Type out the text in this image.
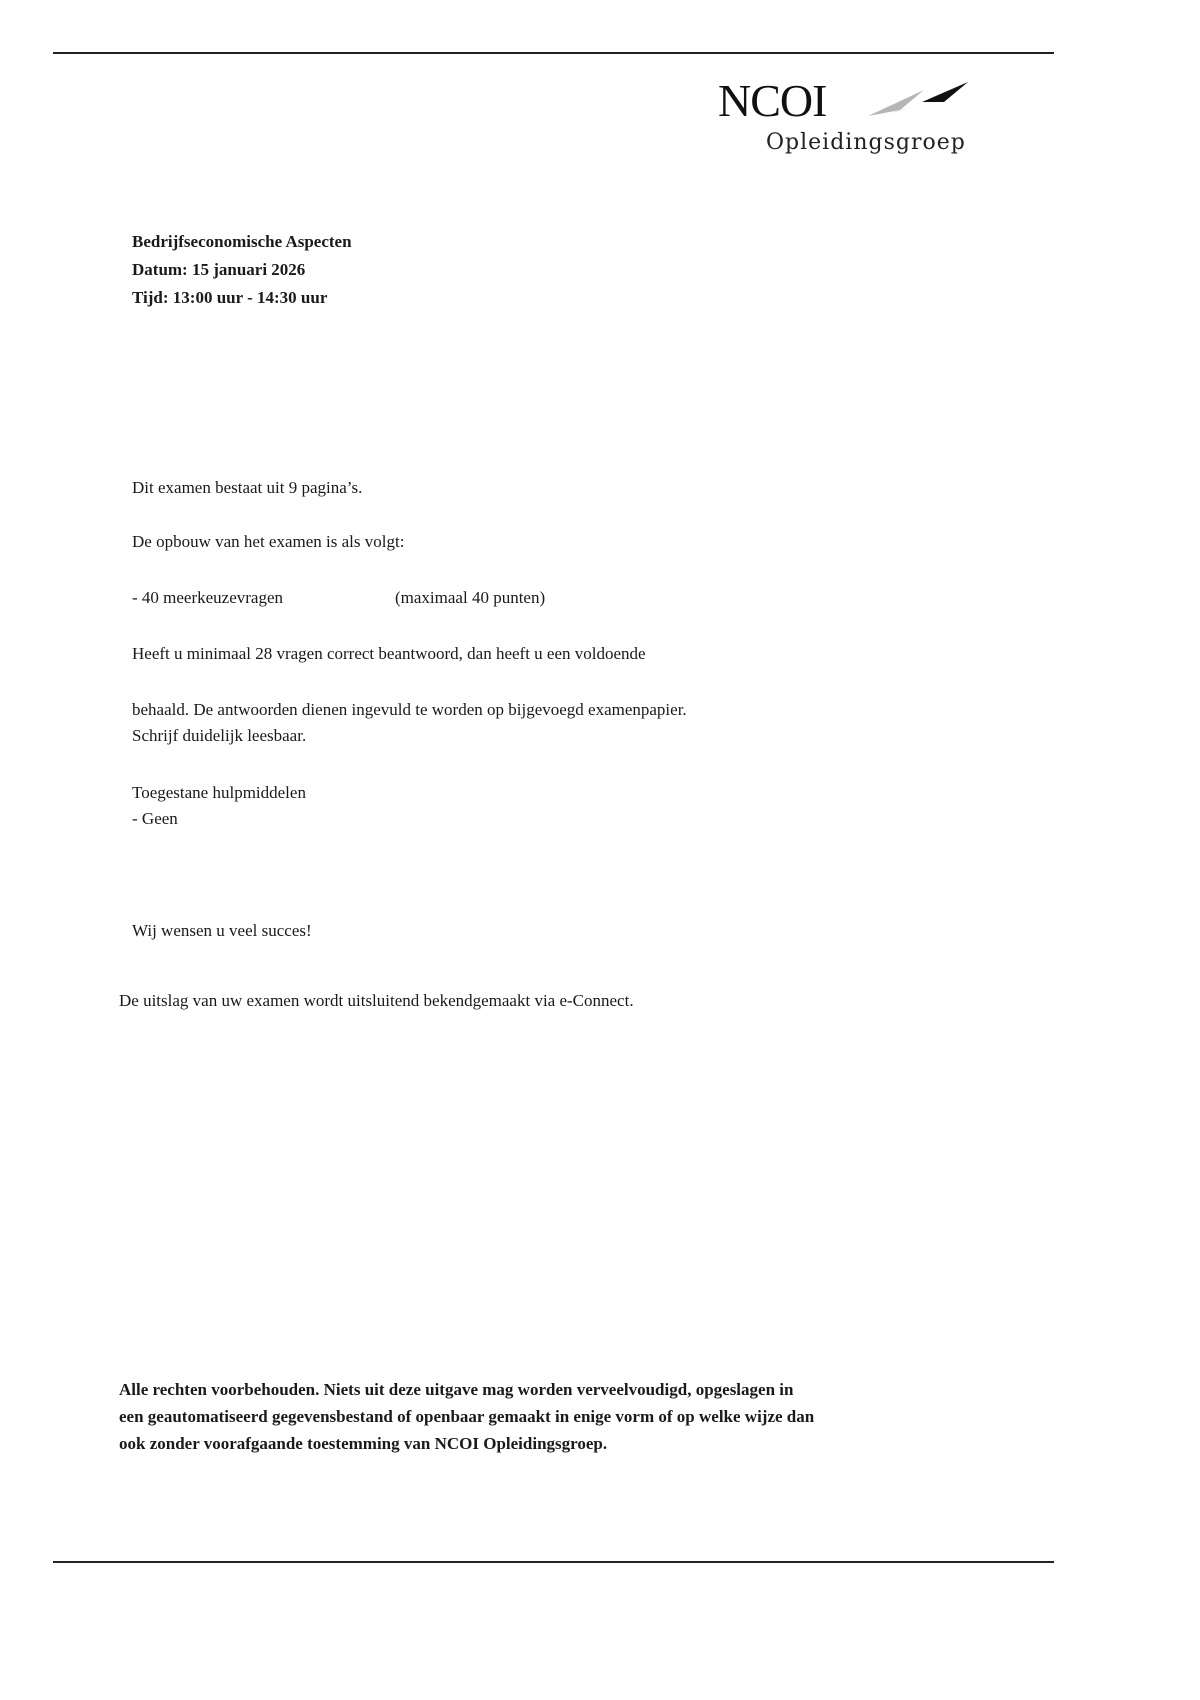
NCOI
Opleidingsgroep
Bedrijfseconomische Aspecten
Datum: 15 januari 2026
Tijd: 13:00 uur - 14:30 uur
Dit examen bestaat uit 9 pagina’s.
De opbouw van het examen is als volgt:
- 40 meerkeuzevragen	(maximaal 40 punten)
Heeft u minimaal 28 vragen correct beantwoord, dan heeft u een voldoende
behaald. De antwoorden dienen ingevuld te worden op bijgevoegd examenpapier.
Schrijf duidelijk leesbaar.
Toegestane hulpmiddelen
- Geen
Wij wensen u veel succes!
De uitslag van uw examen wordt uitsluitend bekendgemaakt via e-Connect.
Alle rechten voorbehouden. Niets uit deze uitgave mag worden verveelvoudigd, opgeslagen in
een geautomatiseerd gegevensbestand of openbaar gemaakt in enige vorm of op welke wijze dan
ook zonder voorafgaande toestemming van NCOI Opleidingsgroep.
